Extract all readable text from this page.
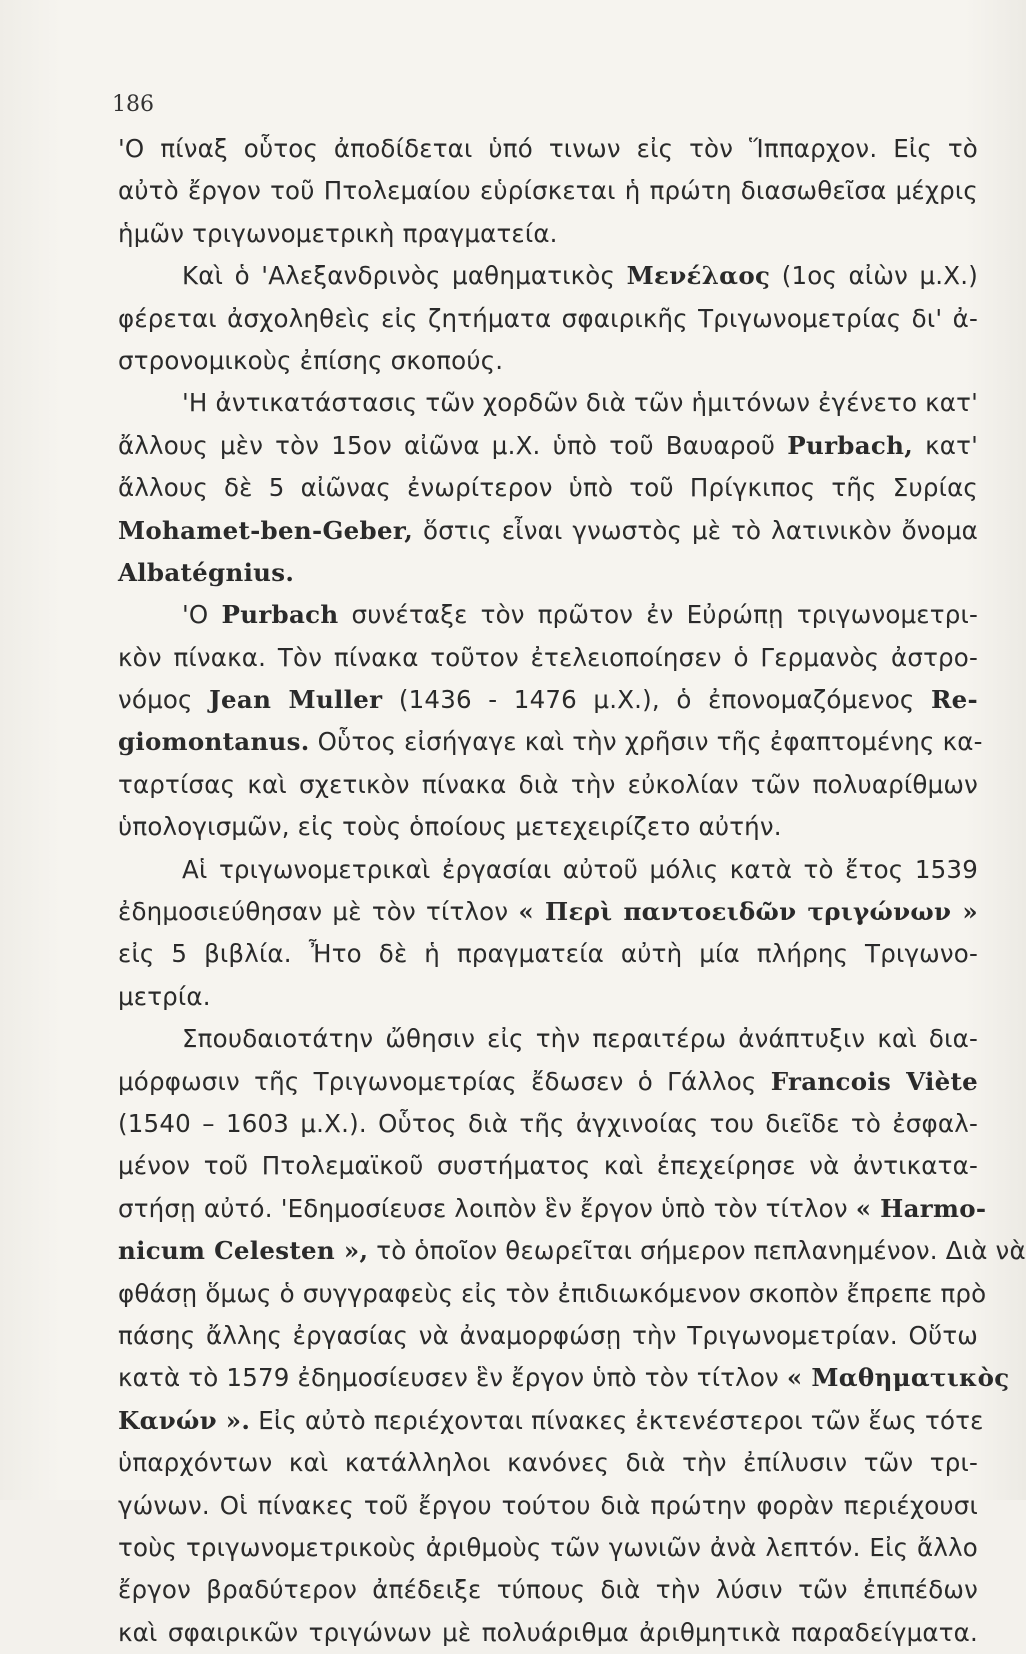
186
'Ο πίναξ οὗτος ἀποδίδεται ὑπό τινων εἰς τὸν Ἵππαρχον. Εἰς τὸ
αὐτὸ ἔργον τοῦ Πτολεμαίου εὑρίσκεται ἡ πρώτη διασωθεῖσα μέχρις
ἡμῶν τριγωνομετρικὴ πραγματεία.
Καὶ ὁ 'Αλεξανδρινὸς μαθηματικὸς Μενέλαος (1ος αἰὼν μ.Χ.)
φέρεται ἀσχοληθεὶς εἰς ζητήματα σφαιρικῆς Τριγωνομετρίας δι' ἀ-
στρονομικοὺς ἐπίσης σκοπούς.
'Η ἀντικατάστασις τῶν χορδῶν διὰ τῶν ἡμιτόνων ἐγένετο κατ'
ἄλλους μὲν τὸν 15ον αἰῶνα μ.Χ. ὑπὸ τοῦ Βαυαροῦ Purbach, κατ'
ἄλλους δὲ 5 αἰῶνας ἐνωρίτερον ὑπὸ τοῦ Πρίγκιπος τῆς Συρίας
Mohamet-ben-Geber, ὅστις εἶναι γνωστὸς μὲ τὸ λατινικὸν ὄνομα
Albatégnius.
'Ο Purbach συνέταξε τὸν πρῶτον ἐν Εὐρώπῃ τριγωνομετρι-
κὸν πίνακα. Τὸν πίνακα τοῦτον ἐτελειοποίησεν ὁ Γερμανὸς ἀστρο-
νόμος Jean Muller (1436 - 1476 μ.Χ.), ὁ ἐπονομαζόμενος Re-
giomontanus. Οὗτος εἰσήγαγε καὶ τὴν χρῆσιν τῆς ἐφαπτομένης κα-
ταρτίσας καὶ σχετικὸν πίνακα διὰ τὴν εὐκολίαν τῶν πολυαρίθμων
ὑπολογισμῶν, εἰς τοὺς ὁποίους μετεχειρίζετο αὐτήν.
Αἱ τριγωνομετρικαὶ ἐργασίαι αὐτοῦ μόλις κατὰ τὸ ἔτος 1539
ἐδημοσιεύθησαν μὲ τὸν τίτλον « Περὶ παντοειδῶν τριγώνων »
εἰς 5 βιβλία. Ἦτο δὲ ἡ πραγματεία αὐτὴ μία πλήρης Τριγωνο-
μετρία.
Σπουδαιοτάτην ὤθησιν εἰς τὴν περαιτέρω ἀνάπτυξιν καὶ δια-
μόρφωσιν τῆς Τριγωνομετρίας ἔδωσεν ὁ Γάλλος Francois Viète
(1540 – 1603 μ.Χ.). Οὗτος διὰ τῆς ἀγχινοίας του διεῖδε τὸ ἐσφαλ-
μένον τοῦ Πτολεμαϊκοῦ συστήματος καὶ ἐπεχείρησε νὰ ἀντικατα-
στήσῃ αὐτό. 'Εδημοσίευσε λοιπὸν ἓν ἔργον ὑπὸ τὸν τίτλον « Harmo-
nicum Celesten », τὸ ὁποῖον θεωρεῖται σήμερον πεπλανημένον. Διὰ νὰ
φθάσῃ ὅμως ὁ συγγραφεὺς εἰς τὸν ἐπιδιωκόμενον σκοπὸν ἔπρεπε πρὸ
πάσης ἄλλης ἐργασίας νὰ ἀναμορφώσῃ τὴν Τριγωνομετρίαν. Οὕτω
κατὰ τὸ 1579 ἐδημοσίευσεν ἓν ἔργον ὑπὸ τὸν τίτλον « Μαθηματικὸς
Κανών ». Εἰς αὐτὸ περιέχονται πίνακες ἐκτενέστεροι τῶν ἕως τότε
ὑπαρχόντων καὶ κατάλληλοι κανόνες διὰ τὴν ἐπίλυσιν τῶν τρι-
γώνων. Οἱ πίνακες τοῦ ἔργου τούτου διὰ πρώτην φορὰν περιέχουσι
τοὺς τριγωνομετρικοὺς ἀριθμοὺς τῶν γωνιῶν ἀνὰ λεπτόν. Εἰς ἄλλο
ἔργον βραδύτερον ἀπέδειξε τύπους διὰ τὴν λύσιν τῶν ἐπιπέδων
καὶ σφαιρικῶν τριγώνων μὲ πολυάριθμα ἀριθμητικὰ παραδείγματα.
